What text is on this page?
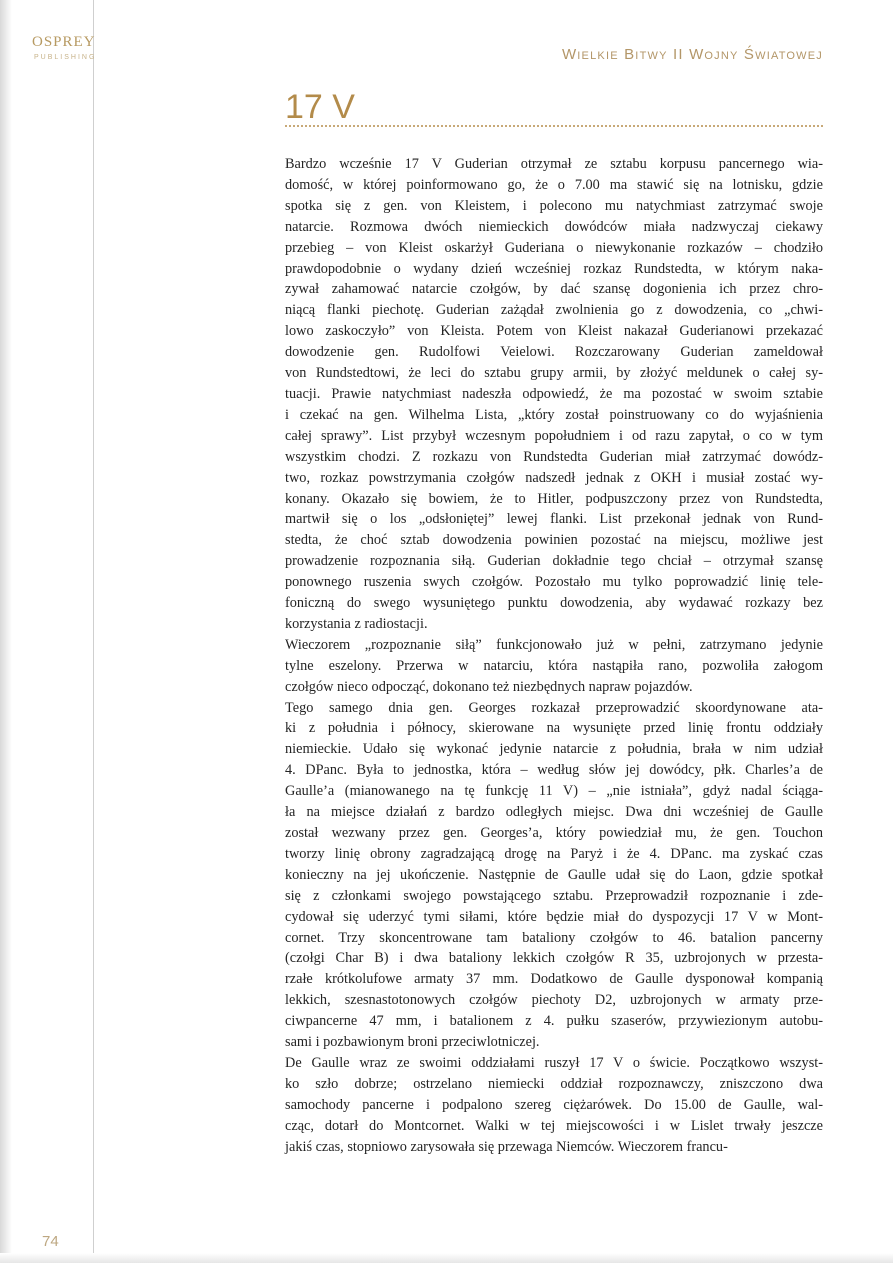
OSPREY
PUBLISHING	Wielkie Bitwy II Wojny Światowej
17 V
Bardzo wcześnie 17 V Guderian otrzymał ze sztabu korpusu pancernego wia-
domość, w której poinformowano go, że o 7.00 ma stawić się na lotnisku, gdzie
spotka się z gen. von Kleistem, i polecono mu natychmiast zatrzymać swoje
natarcie. Rozmowa dwóch niemieckich dowódców miała nadzwyczaj ciekawy
przebieg – von Kleist oskarżył Guderiana o niewykonanie rozkazów – chodziło
prawdopodobnie o wydany dzień wcześniej rozkaz Rundstedta, w którym naka-
zywał zahamować natarcie czołgów, by dać szansę dogonienia ich przez chro-
niącą flanki piechotę. Guderian zażądał zwolnienia go z dowodzenia, co „chwi-
lowo zaskoczyło” von Kleista. Potem von Kleist nakazał Guderianowi przekazać
dowodzenie gen. Rudolfowi Veielowi. Rozczarowany Guderian zameldował
von Rundstedtowi, że leci do sztabu grupy armii, by złożyć meldunek o całej sy-
tuacji. Prawie natychmiast nadeszła odpowiedź, że ma pozostać w swoim sztabie
i czekać na gen. Wilhelma Lista, „który został poinstruowany co do wyjaśnienia
całej sprawy”. List przybył wczesnym popołudniem i od razu zapytał, o co w tym
wszystkim chodzi. Z rozkazu von Rundstedta Guderian miał zatrzymać dowódz-
two, rozkaz powstrzymania czołgów nadszedł jednak z OKH i musiał zostać wy-
konany. Okazało się bowiem, że to Hitler, podpuszczony przez von Rundstedta,
martwił się o los „odsłoniętej” lewej flanki. List przekonał jednak von Rund-
stedta, że choć sztab dowodzenia powinien pozostać na miejscu, możliwe jest
prowadzenie rozpoznania siłą. Guderian dokładnie tego chciał – otrzymał szansę
ponownego ruszenia swych czołgów. Pozostało mu tylko poprowadzić linię tele-
foniczną do swego wysuniętego punktu dowodzenia, aby wydawać rozkazy bez
korzystania z radiostacji.
Wieczorem „rozpoznanie siłą” funkcjonowało już w pełni, zatrzymano jedynie
tylne eszelony. Przerwa w natarciu, która nastąpiła rano, pozwoliła załogom
czołgów nieco odpocząć, dokonano też niezbędnych napraw pojazdów.
Tego samego dnia gen. Georges rozkazał przeprowadzić skoordynowane ata-
ki z południa i północy, skierowane na wysunięte przed linię frontu oddziały
niemieckie. Udało się wykonać jedynie natarcie z południa, brała w nim udział
4. DPanc. Była to jednostka, która – według słów jej dowódcy, płk. Charles’a de
Gaulle’a (mianowanego na tę funkcję 11 V) – „nie istniała”, gdyż nadal ściąga-
ła na miejsce działań z bardzo odległych miejsc. Dwa dni wcześniej de Gaulle
został wezwany przez gen. Georges’a, który powiedział mu, że gen. Touchon
tworzy linię obrony zagradzającą drogę na Paryż i że 4. DPanc. ma zyskać czas
konieczny na jej ukończenie. Następnie de Gaulle udał się do Laon, gdzie spotkał
się z członkami swojego powstającego sztabu. Przeprowadził rozpoznanie i zde-
cydował się uderzyć tymi siłami, które będzie miał do dyspozycji 17 V w Mont-
cornet. Trzy skoncentrowane tam bataliony czołgów to 46. batalion pancerny
(czołgi Char B) i dwa bataliony lekkich czołgów R 35, uzbrojonych w przesta-
rzałe krótkolufowe armaty 37 mm. Dodatkowo de Gaulle dysponował kompanią
lekkich, szesnastotonowych czołgów piechoty D2, uzbrojonych w armaty prze-
ciwpancerne 47 mm, i batalionem z 4. pułku szaserów, przywiezionym autobu-
sami i pozbawionym broni przeciwlotniczej.
De Gaulle wraz ze swoimi oddziałami ruszył 17 V o świcie. Początkowo wszyst-
ko szło dobrze; ostrzelano niemiecki oddział rozpoznawczy, zniszczono dwa
samochody pancerne i podpalono szereg ciężarówek. Do 15.00 de Gaulle, wal-
cząc, dotarł do Montcornet. Walki w tej miejscowości i w Lislet trwały jeszcze
jakiś czas, stopniowo zarysowała się przewaga Niemców. Wieczorem francu-
74
